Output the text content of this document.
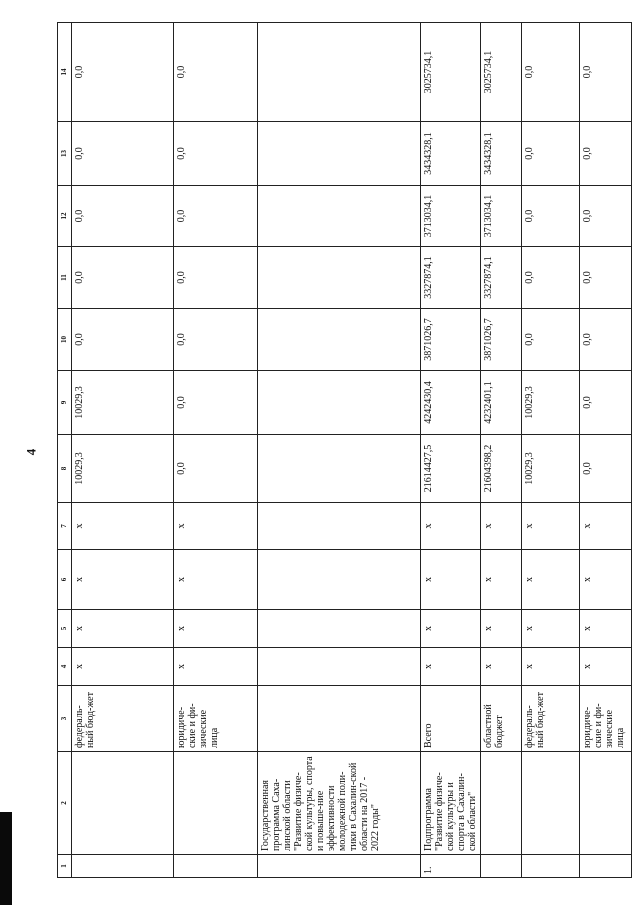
4
1	2	3	4	5	6	7	8	9	10	11	12	13	14
		федераль-ный бюд-жет	x	x	x	x	10029,3	10029,3	0,0	0,0	0,0	0,0	0,0
		юридиче-ские и фи-зические лица	x	x	x	x	0,0	0,0	0,0	0,0	0,0	0,0	0,0
	Государственная программа Саха-линской области "Развитие физиче-ской культуры, спорта и повыше-ние эффективности молодежной поли-тики в Сахалин-ской области на 2017 - 2022 годы"												
1.	Подпрограмма "Развитие физиче-ской культуры и спорта в Сахалин-ской области"	Всего	x	x	x	x	21614427,5	4242430,4	3871026,7	3327874,1	3713034,1	3434328,1	3025734,1
		областной бюджет	x	x	x	x	21604398,2	4232401,1	3871026,7	3327874,1	3713034,1	3434328,1	3025734,1
		федераль-ный бюд-жет	x	x	x	x	10029,3	10029,3	0,0	0,0	0,0	0,0	0,0
		юридиче-ские и фи-зические лица	x	x	x	x	0,0	0,0	0,0	0,0	0,0	0,0	0,0
